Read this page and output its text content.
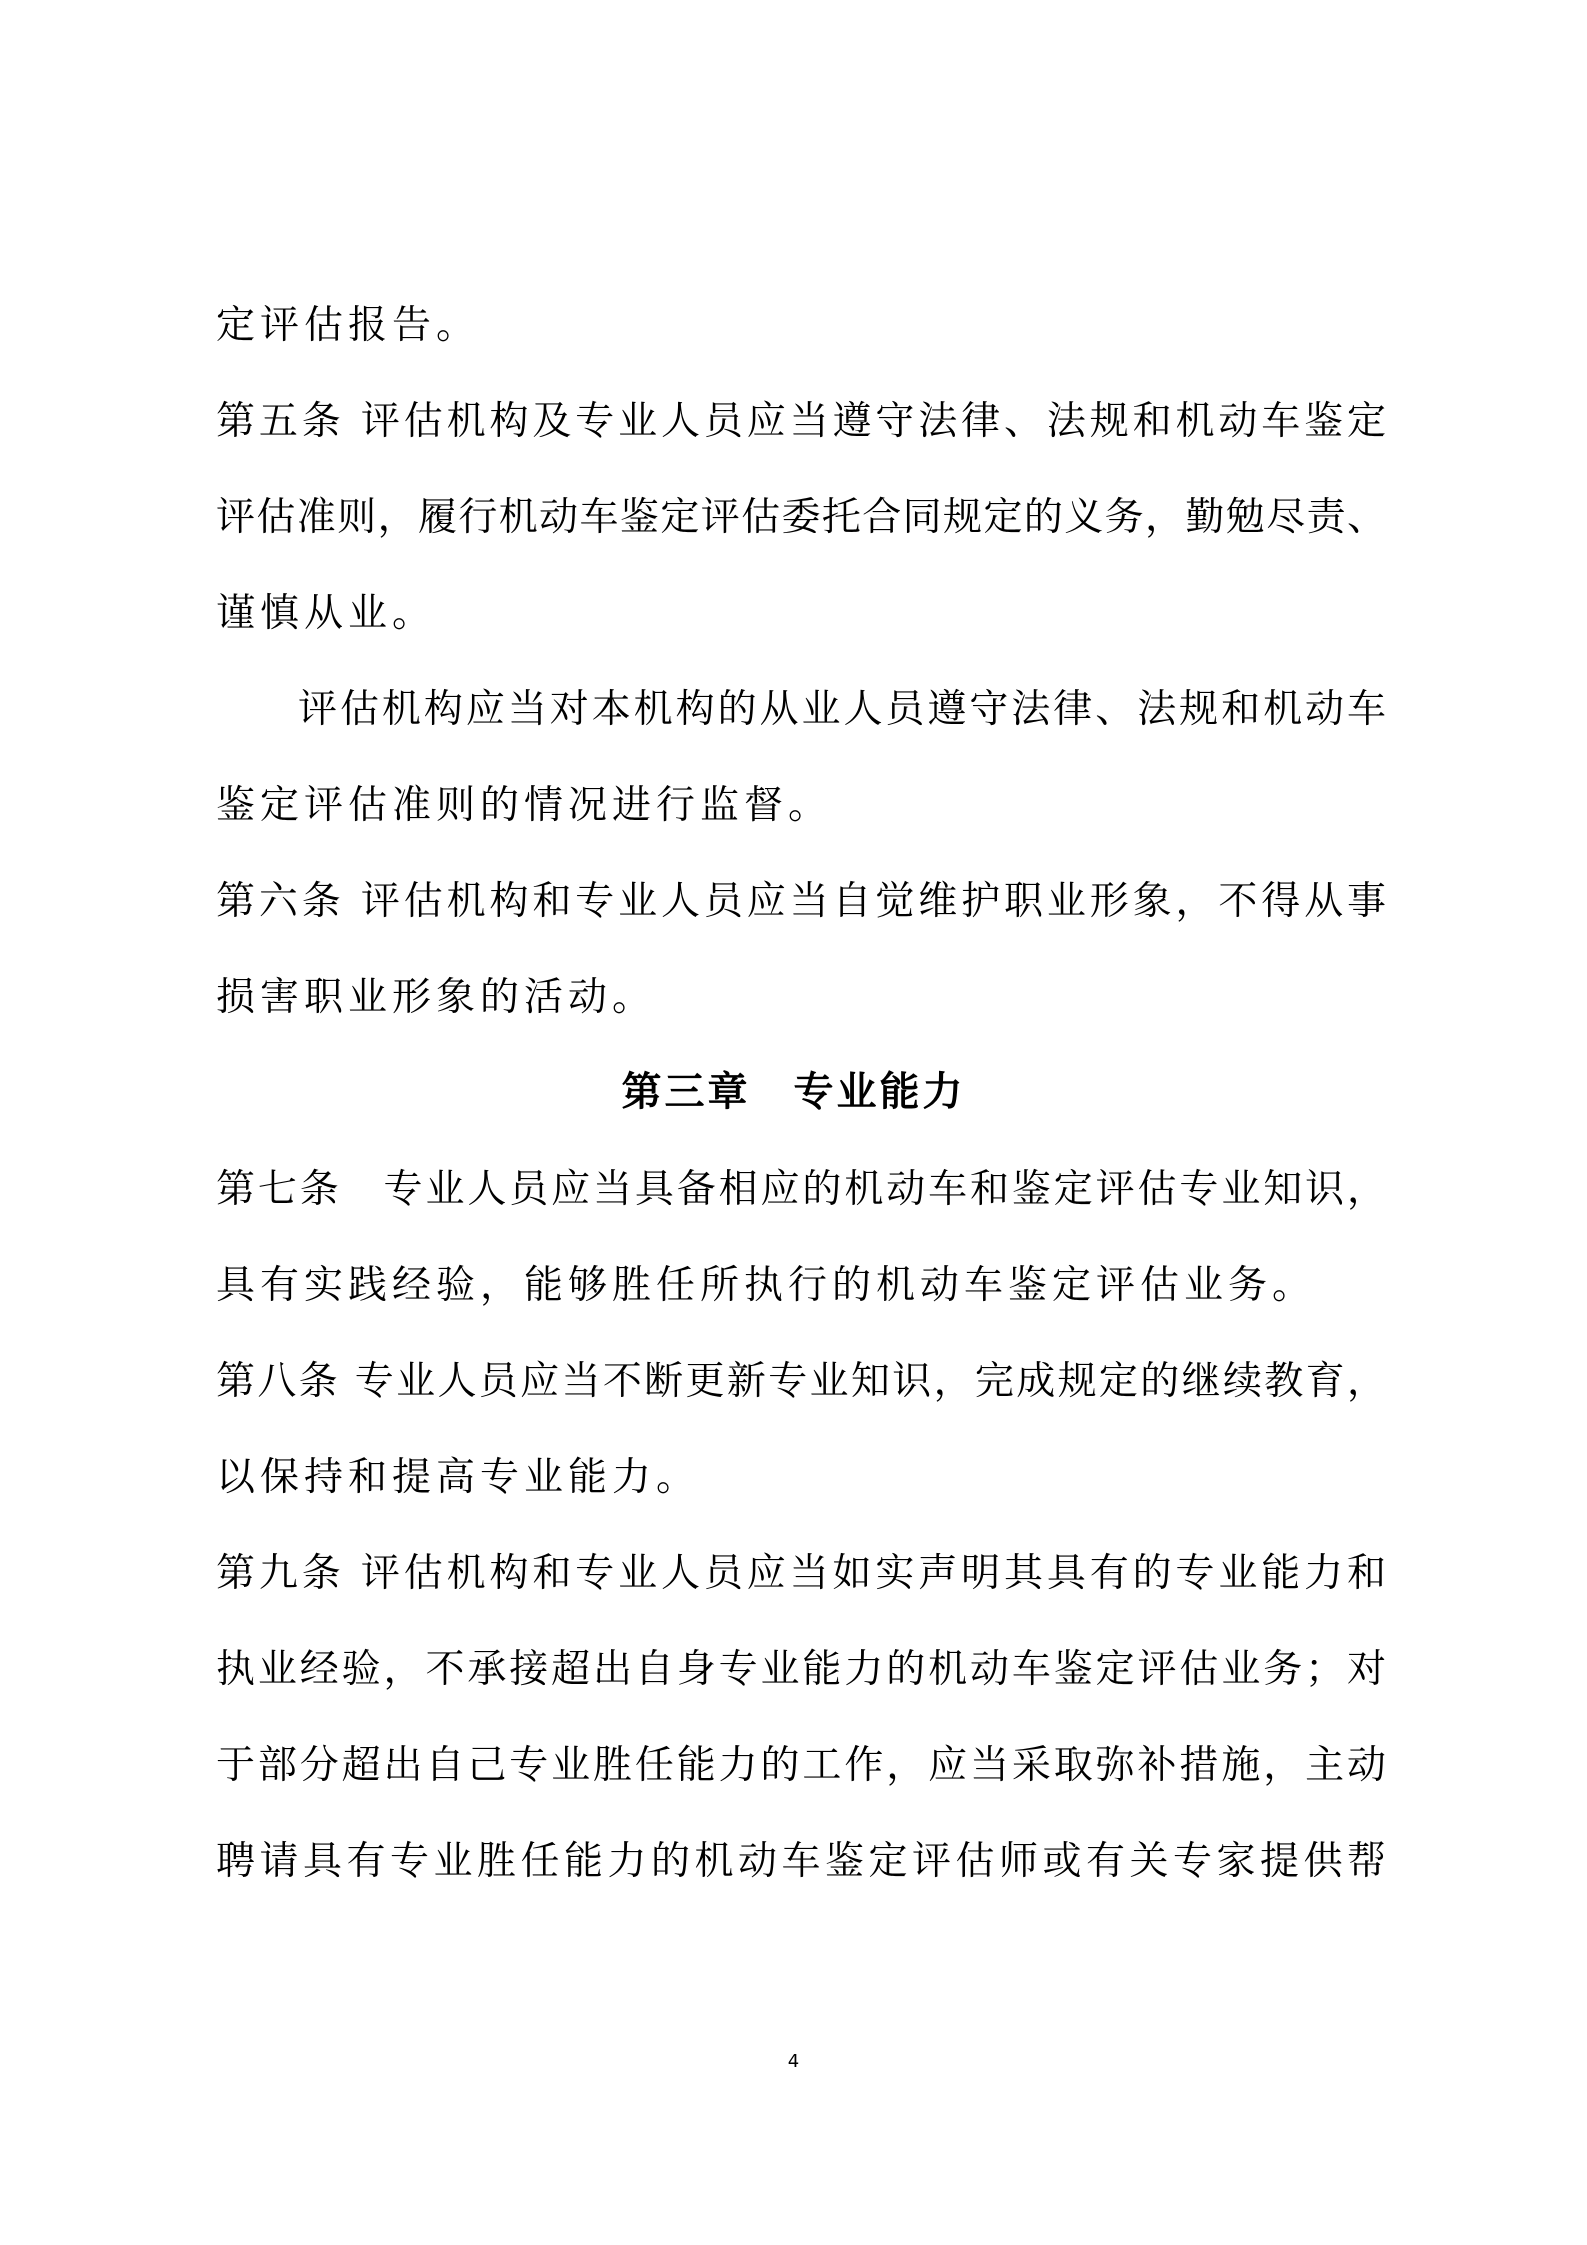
定评估报告。
第五条 评估机构及专业人员应当遵守法律、法规和机动车鉴定
评估准则，履行机动车鉴定评估委托合同规定的义务，勤勉尽责、
谨慎从业。
评估机构应当对本机构的从业人员遵守法律、法规和机动车
鉴定评估准则的情况进行监督。
第六条 评估机构和专业人员应当自觉维护职业形象，不得从事
损害职业形象的活动。
第三章　专业能力
第七条　专业人员应当具备相应的机动车和鉴定评估专业知识，
具有实践经验，能够胜任所执行的机动车鉴定评估业务。
第八条 专业人员应当不断更新专业知识，完成规定的继续教育，
以保持和提高专业能力。
第九条 评估机构和专业人员应当如实声明其具有的专业能力和
执业经验，不承接超出自身专业能力的机动车鉴定评估业务；对
于部分超出自己专业胜任能力的工作，应当采取弥补措施，主动
聘请具有专业胜任能力的机动车鉴定评估师或有关专家提供帮
4
